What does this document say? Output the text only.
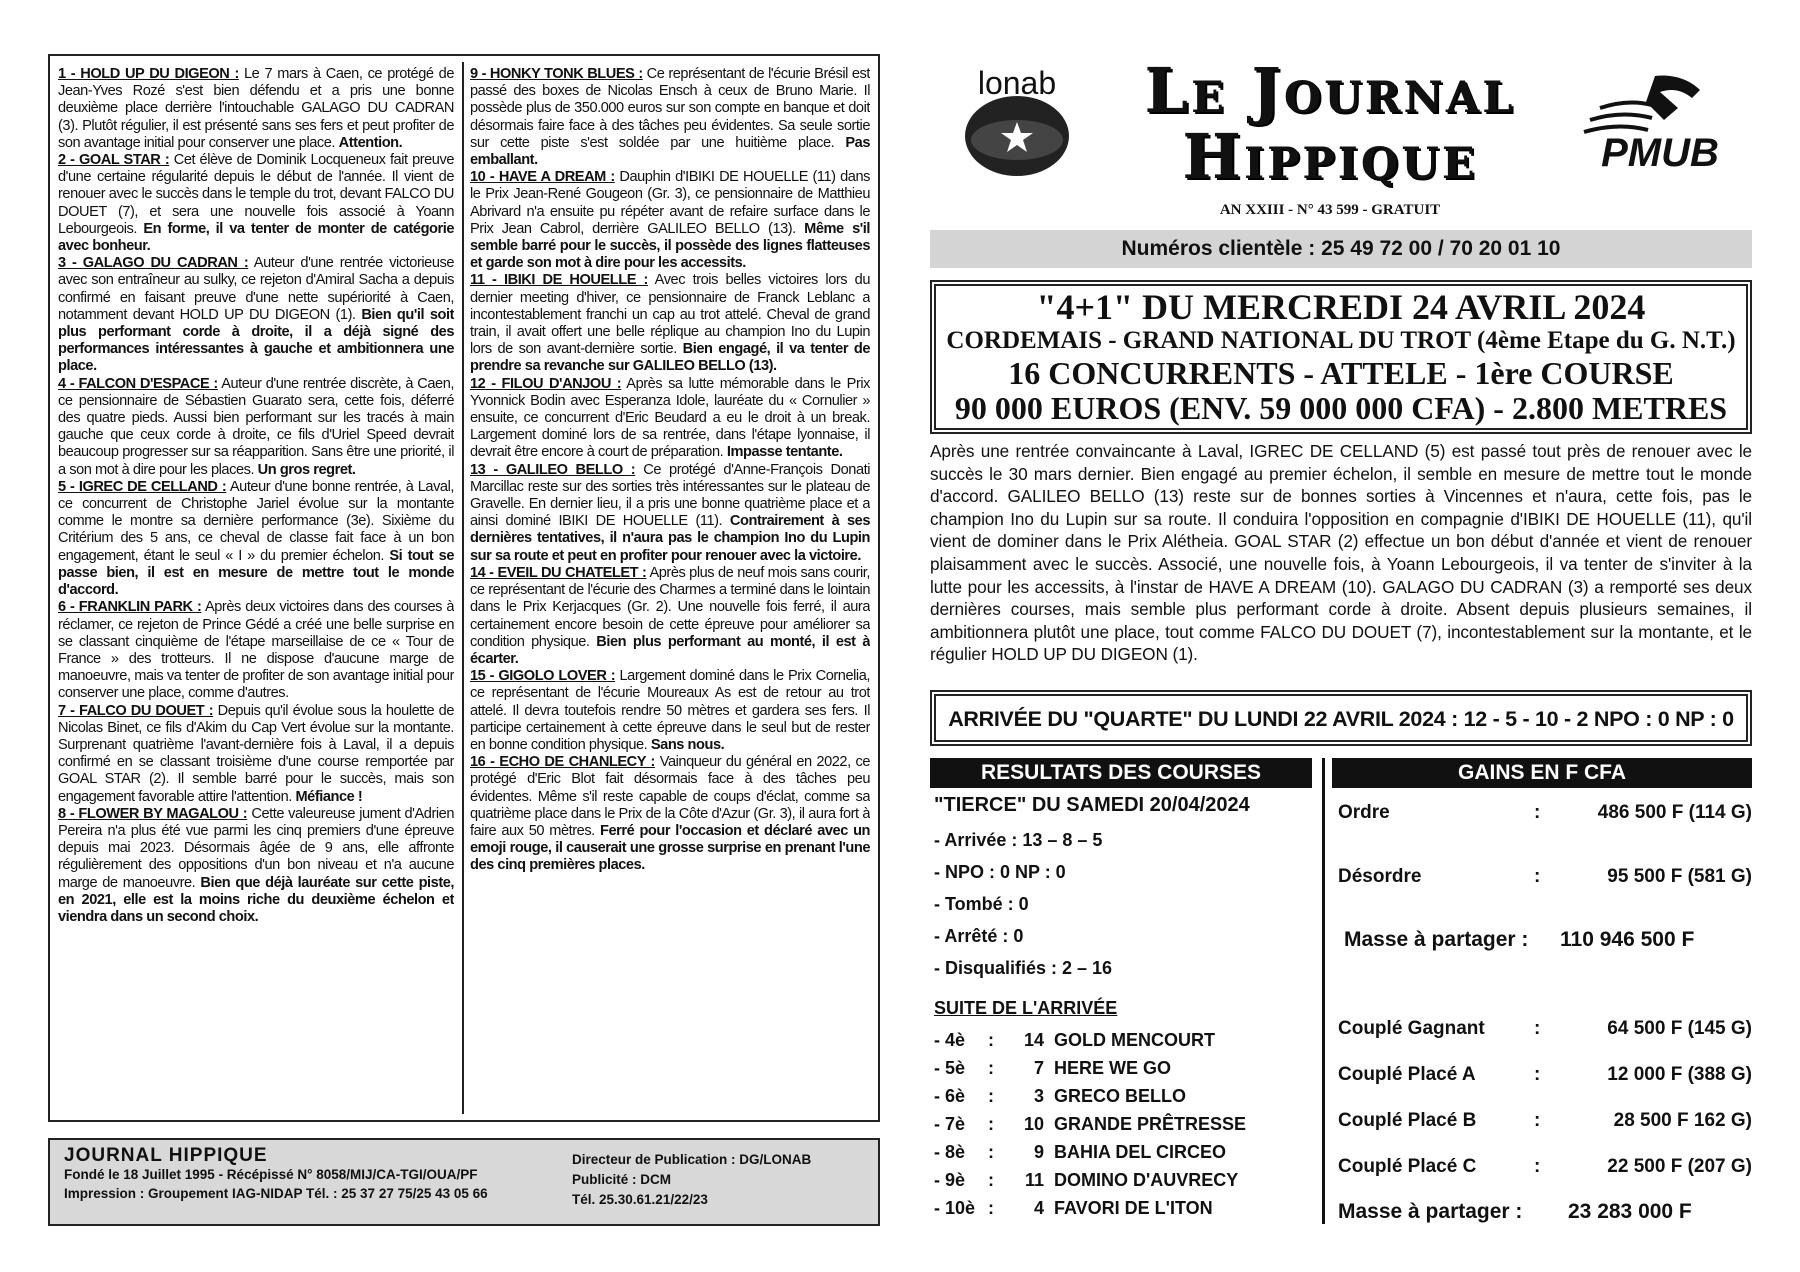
1 - HOLD UP DU DIGEON : Le 7 mars à Caen, ce protégé de Jean-Yves Rozé s'est bien défendu et a pris une bonne deuxième place derrière l'intouchable GALAGO DU CADRAN (3). Plutôt régulier, il est présenté sans ses fers et peut profiter de son avantage initial pour conserver une place. Attention.

2 - GOAL STAR : Cet élève de Dominik Locqueneux fait preuve d'une certaine régularité depuis le début de l'année. Il vient de renouer avec le succès dans le temple du trot, devant FALCO DU DOUET (7), et sera une nouvelle fois associé à Yoann Lebourgeois. En forme, il va tenter de monter de catégorie avec bonheur.

3 - GALAGO DU CADRAN : Auteur d'une rentrée victorieuse avec son entraîneur au sulky, ce rejeton d'Amiral Sacha a depuis confirmé en faisant preuve d'une nette supériorité à Caen, notamment devant HOLD UP DU DIGEON (1). Bien qu'il soit plus performant corde à droite, il a déjà signé des performances intéressantes à gauche et ambitionnera une place.

4 - FALCON D'ESPACE : Auteur d'une rentrée discrète, à Caen, ce pensionnaire de Sébastien Guarato sera, cette fois, déferré des quatre pieds. Aussi bien performant sur les tracés à main gauche que ceux corde à droite, ce fils d'Uriel Speed devrait beaucoup progresser sur sa réapparition. Sans être une priorité, il a son mot à dire pour les places. Un gros regret.

5 - IGREC DE CELLAND : Auteur d'une bonne rentrée, à Laval, ce concurrent de Christophe Jariel évolue sur la montante comme le montre sa dernière performance (3e). Sixième du Critérium des 5 ans, ce cheval de classe fait face à un bon engagement, étant le seul « I » du premier échelon. Si tout se passe bien, il est en mesure de mettre tout le monde d'accord.

6 - FRANKLIN PARK : Après deux victoires dans des courses à réclamer, ce rejeton de Prince Gédé a créé une belle surprise en se classant cinquième de l'étape marseillaise de ce « Tour de France » des trotteurs. Il ne dispose d'aucune marge de manoeuvre, mais va tenter de profiter de son avantage initial pour conserver une place, comme d'autres.

7 - FALCO DU DOUET : Depuis qu'il évolue sous la houlette de Nicolas Binet, ce fils d'Akim du Cap Vert évolue sur la montante. Surprenant quatrième l'avant-dernière fois à Laval, il a depuis confirmé en se classant troisième d'une course remportée par GOAL STAR (2). Il semble barré pour le succès, mais son engagement favorable attire l'attention. Méfiance !

8 - FLOWER BY MAGALOU : Cette valeureuse jument d'Adrien Pereira n'a plus été vue parmi les cinq premiers d'une épreuve depuis mai 2023. Désormais âgée de 9 ans, elle affronte régulièrement des oppositions d'un bon niveau et n'a aucune marge de manoeuvre. Bien que déjà lauréate sur cette piste, en 2021, elle est la moins riche du deuxième échelon et viendra dans un second choix.

9 - HONKY TONK BLUES : Ce représentant de l'écurie Brésil est passé des boxes de Nicolas Ensch à ceux de Bruno Marie. Il possède plus de 350.000 euros sur son compte en banque et doit désormais faire face à des tâches peu évidentes. Sa seule sortie sur cette piste s'est soldée par une huitième place. Pas emballant.

10 - HAVE A DREAM : Dauphin d'IBIKI DE HOUELLE (11) dans le Prix Jean-René Gougeon (Gr. 3), ce pensionnaire de Matthieu Abrivard n'a ensuite pu répéter avant de refaire surface dans le Prix Jean Cabrol, derrière GALILEO BELLO (13). Même s'il semble barré pour le succès, il possède des lignes flatteuses et garde son mot à dire pour les accessits.

11 - IBIKI DE HOUELLE : Avec trois belles victoires lors du dernier meeting d'hiver, ce pensionnaire de Franck Leblanc a incontestablement franchi un cap au trot attelé. Cheval de grand train, il avait offert une belle réplique au champion Ino du Lupin lors de son avant-dernière sortie. Bien engagé, il va tenter de prendre sa revanche sur GALILEO BELLO (13).

12 - FILOU D'ANJOU : Après sa lutte mémorable dans le Prix Yvonnick Bodin avec Esperanza Idole, lauréate du « Cornulier » ensuite, ce concurrent d'Eric Beudard a eu le droit à un break. Largement dominé lors de sa rentrée, dans l'étape lyonnaise, il devrait être encore à court de préparation. Impasse tentante.

13 - GALILEO BELLO : Ce protégé d'Anne-François Donati Marcillac reste sur des sorties très intéressantes sur le plateau de Gravelle. En dernier lieu, il a pris une bonne quatrième place et a ainsi dominé IBIKI DE HOUELLE (11). Contrairement à ses dernières tentatives, il n'aura pas le champion Ino du Lupin sur sa route et peut en profiter pour renouer avec la victoire.

14 - EVEIL DU CHATELET : Après plus de neuf mois sans courir, ce représentant de l'écurie des Charmes a terminé dans le lointain dans le Prix Kerjacques (Gr. 2). Une nouvelle fois ferré, il aura certainement encore besoin de cette épreuve pour améliorer sa condition physique. Bien plus performant au monté, il est à écarter.

15 - GIGOLO LOVER : Largement dominé dans le Prix Cornelia, ce représentant de l'écurie Moureaux As est de retour au trot attelé. Il devra toutefois rendre 50 mètres et gardera ses fers. Il participe certainement à cette épreuve dans le seul but de rester en bonne condition physique. Sans nous.

16 - ECHO DE CHANLECY : Vainqueur du général en 2022, ce protégé d'Eric Blot fait désormais face à des tâches peu évidentes. Même s'il reste capable de coups d'éclat, comme sa quatrième place dans le Prix de la Côte d'Azur (Gr. 3), il aura fort à faire aux 50 mètres. Ferré pour l'occasion et déclaré avec un emoji rouge, il causerait une grosse surprise en prenant l'une des cinq premières places.

JOURNAL HIPPIQUE
Fondé le 18 Juillet 1995 - Récépissé N° 8058/MIJ/CA-TGI/OUA/PF
Impression : Groupement IAG-NIDAP Tél. : 25 37 27 75/25 43 05 66
Directeur de Publication : DG/LONAB
Publicité : DCM
Tél. 25.30.61.21/22/23
lonab	Le Journal
Hippique	PMUB
AN XXIII - N° 43 599 - GRATUIT
Numéros clientèle : 25 49 72 00 / 70 20 01 10
"4+1" DU MERCREDI 24 AVRIL 2024
CORDEMAIS - GRAND NATIONAL DU TROT (4ème Etape du G. N.T.)
16 CONCURRENTS - ATTELE - 1ère COURSE
90 000 EUROS (ENV. 59 000 000 CFA) - 2.800 METRES
Après une rentrée convaincante à Laval, IGREC DE CELLAND (5) est passé tout près de renouer avec le succès le 30 mars dernier. Bien engagé au premier échelon, il semble en mesure de mettre tout le monde d'accord. GALILEO BELLO (13) reste sur de bonnes sorties à Vincennes et n'aura, cette fois, pas le champion Ino du Lupin sur sa route. Il conduira l'opposition en compagnie d'IBIKI DE HOUELLE (11), qu'il vient de dominer dans le Prix Alétheia. GOAL STAR (2) effectue un bon début d'année et vient de renouer plaisamment avec le succès. Associé, une nouvelle fois, à Yoann Lebourgeois, il va tenter de s'inviter à la lutte pour les accessits, à l'instar de HAVE A DREAM (10). GALAGO DU CADRAN (3) a remporté ses deux dernières courses, mais semble plus performant corde à droite. Absent depuis plusieurs semaines, il ambitionnera plutôt une place, tout comme FALCO DU DOUET (7), incontestablement sur la montante, et le régulier HOLD UP DU DIGEON (1).
ARRIVÉE DU "QUARTE" DU LUNDI 22 AVRIL 2024 : 12 - 5 - 10 - 2 NPO : 0 NP : 0
RESULTATS DES COURSES	GAINS EN F CFA
"TIERCE" DU SAMEDI 20/04/2024
- Arrivée : 13 – 8 – 5
- NPO : 0 NP : 0
- Tombé : 0
- Arrêté : 0
- Disqualifiés : 2 – 16
SUITE DE L'ARRIVÉE
- 4è	14 GOLD MENCOURT
:
- 5è	7 HERE WE GO
:
- 6è	3 GRECO BELLO
:
- 7è	10 GRANDE PRÊTRESSE
:
- 8è	9 BAHIA DEL CIRCEO
:
- 9è	11 DOMINO D'AUVRECY
:
- 10è	4 FAVORI DE L'ITON
:
Ordre	:	486 500 F (114 G)
Désordre	:	95 500 F (581 G)
Masse à partager : 110 946 500 F
Couplé Gagnant	:	64 500 F (145 G)
Couplé Placé A	:	12 000 F (388 G)
Couplé Placé B	:	28 500 F 162 G)
Couplé Placé C	:	22 500 F (207 G)
Masse à partager : 23 283 000 F
